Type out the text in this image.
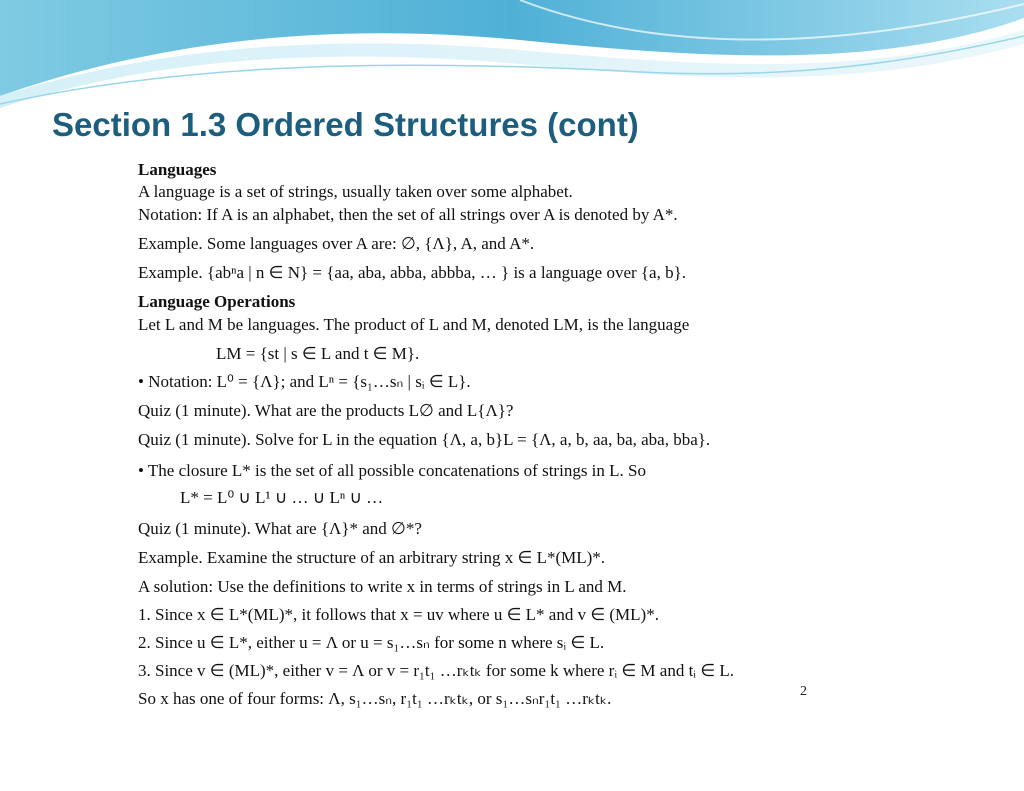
Section 1.3 Ordered Structures (cont)
Languages
A language is a set of strings, usually taken over some alphabet.
Notation: If A is an alphabet, then the set of all strings over A is denoted by A*.
Example. Some languages over A are: ∅, {Λ}, A, and A*.
Example. {abⁿa | n ∈ N} = {aa, aba, abba, abbba, … } is a language over {a, b}.
Language Operations
Let L and M be languages. The product of L and M, denoted LM, is the language
LM = {st | s ∈ L and t ∈ M}.
• Notation: L⁰ = {Λ}; and Lⁿ = {s₁…sₙ | sᵢ ∈ L}.
Quiz (1 minute). What are the products L∅ and L{Λ}?
Quiz (1 minute). Solve for L in the equation {Λ, a, b}L = {Λ, a, b, aa, ba, aba, bba}.
• The closure L* is the set of all possible concatenations of strings in L. So
L* = L⁰ ∪ L¹ ∪ … ∪ Lⁿ ∪ …
Quiz (1 minute). What are {Λ}* and ∅*?
Example. Examine the structure of an arbitrary string x ∈ L*(ML)*.
A solution: Use the definitions to write x in terms of strings in L and M.
1. Since x ∈ L*(ML)*, it follows that x = uv where u ∈ L* and v ∈ (ML)*.
2. Since u ∈ L*, either u = Λ or u = s₁…sₙ for some n where sᵢ ∈ L.
3. Since v ∈ (ML)*, either v = Λ or v = r₁t₁ …rₖtₖ for some k where rᵢ ∈ M and tᵢ ∈ L.
So x has one of four forms: Λ, s₁…sₙ, r₁t₁ …rₖtₖ, or s₁…sₙr₁t₁ …rₖtₖ.	2
